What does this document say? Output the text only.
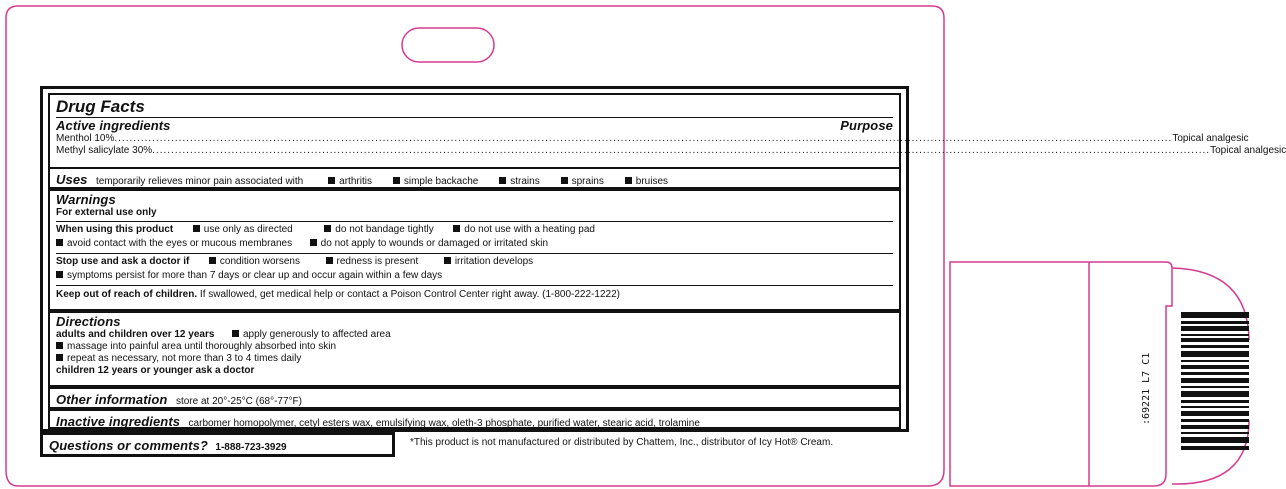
:69221 L7 C1
Drug Facts
Active ingredients	Purpose
Menthol 10% ........................................................................................................................................................................................................................................................................................ Topical analgesic
Methyl salicylate 30% ........................................................................................................................................................................................................................................................................................ Topical analgesic
Uses temporarily relieves minor pain associated with	arthritis	simple backache	strains	sprains	bruises
Warnings
For external use only
When using this product	use only as directed	do not bandage tightly	do not use with a heating pad
avoid contact with the eyes or mucous membranes	do not apply to wounds or damaged or irritated skin
Stop use and ask a doctor if	condition worsens	redness is present	irritation develops
symptoms persist for more than 7 days or clear up and occur again within a few days
Keep out of reach of children. If swallowed, get medical help or contact a Poison Control Center right away. (1-800-222-1222)
Directions
adults and children over 12 years	apply generously to affected area
massage into painful area until thoroughly absorbed into skin
repeat as necessary, not more than 3 to 4 times daily
children 12 years or younger ask a doctor
Other information store at 20°-25°C (68°-77°F)
Inactive ingredients carbomer homopolymer, cetyl esters wax, emulsifying wax, oleth-3 phosphate, purified water, stearic acid, trolamine
Questions or comments? 1-888-723-3929	*This product is not manufactured or distributed by Chattem, Inc., distributor of Icy Hot® Cream.
